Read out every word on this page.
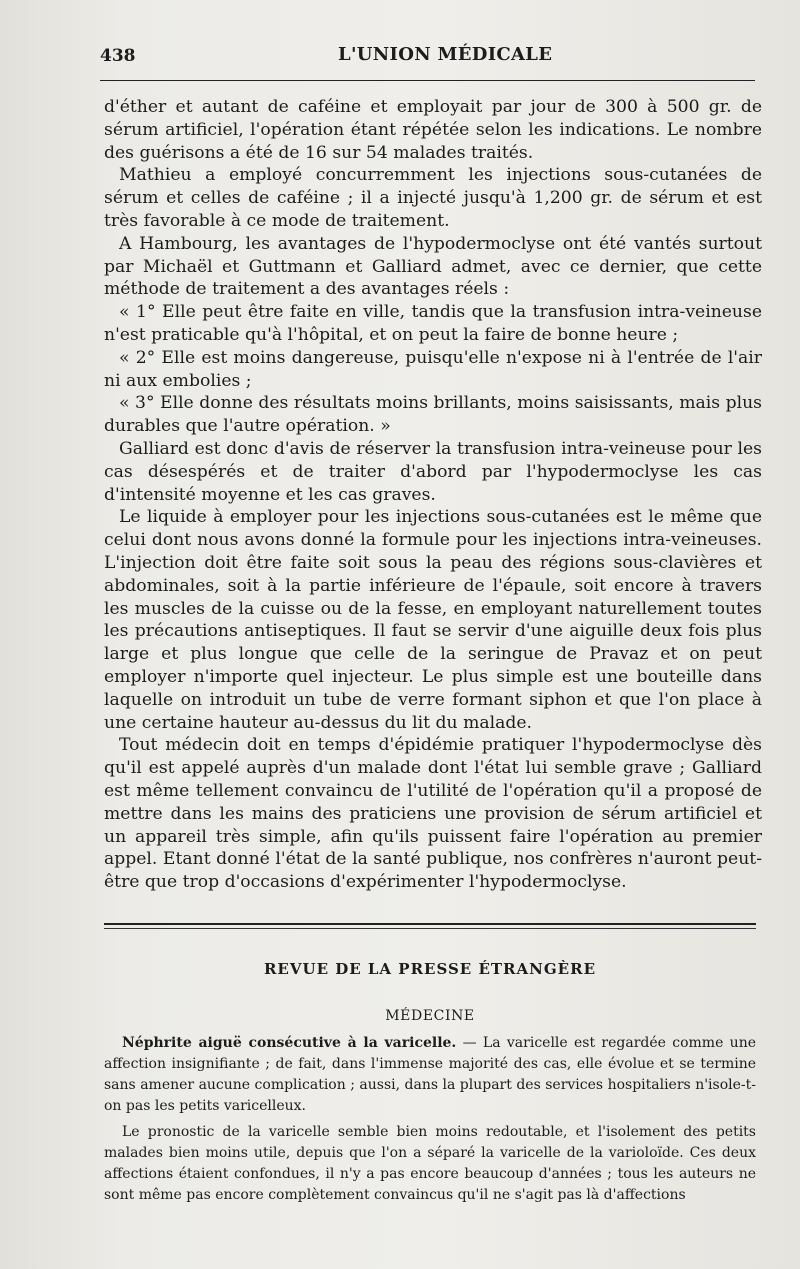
438	L'UNION MÉDICALE

d'éther et autant de caféine et employait par jour de 300 à 500 gr. de sérum artificiel, l'opération étant répétée selon les indications. Le nombre des guérisons a été de 16 sur 54 malades traités.

Mathieu a employé concurremment les injections sous-cutanées de sérum et celles de caféine ; il a injecté jusqu'à 1,200 gr. de sérum et est très favorable à ce mode de traitement.

A Hambourg, les avantages de l'hypodermoclyse ont été vantés surtout par Michaël et Guttmann et Galliard admet, avec ce dernier, que cette méthode de traitement a des avantages réels :

« 1° Elle peut être faite en ville, tandis que la transfusion intra-veineuse n'est praticable qu'à l'hôpital, et on peut la faire de bonne heure ;

« 2° Elle est moins dangereuse, puisqu'elle n'expose ni à l'entrée de l'air ni aux embolies ;

« 3° Elle donne des résultats moins brillants, moins saisissants, mais plus durables que l'autre opération. »

Galliard est donc d'avis de réserver la transfusion intra-veineuse pour les cas désespérés et de traiter d'abord par l'hypodermoclyse les cas d'intensité moyenne et les cas graves.

Le liquide à employer pour les injections sous-cutanées est le même que celui dont nous avons donné la formule pour les injections intra-veineuses. L'injection doit être faite soit sous la peau des régions sous-clavières et abdominales, soit à la partie inférieure de l'épaule, soit encore à travers les muscles de la cuisse ou de la fesse, en employant naturellement toutes les précautions antiseptiques. Il faut se servir d'une aiguille deux fois plus large et plus longue que celle de la seringue de Pravaz et on peut employer n'importe quel injecteur. Le plus simple est une bouteille dans laquelle on introduit un tube de verre formant siphon et que l'on place à une certaine hauteur au-dessus du lit du malade.

Tout médecin doit en temps d'épidémie pratiquer l'hypodermoclyse dès qu'il est appelé auprès d'un malade dont l'état lui semble grave ; Galliard est même tellement convaincu de l'utilité de l'opération qu'il a proposé de mettre dans les mains des praticiens une provision de sérum artificiel et un appareil très simple, afin qu'ils puissent faire l'opération au premier appel. Etant donné l'état de la santé publique, nos confrères n'auront peut-être que trop d'occasions d'expérimenter l'hypodermoclyse.

REVUE DE LA PRESSE ÉTRANGÈRE
MÉDECINE

Néphrite aiguë consécutive à la varicelle. — La varicelle est regardée comme une affection insignifiante ; de fait, dans l'immense majorité des cas, elle évolue et se termine sans amener aucune complication ; aussi, dans la plupart des services hospitaliers n'isole-t-on pas les petits varicelleux.

Le pronostic de la varicelle semble bien moins redoutable, et l'isolement des petits malades bien moins utile, depuis que l'on a séparé la varicelle de la varioloïde. Ces deux affections étaient confondues, il n'y a pas encore beaucoup d'années ; tous les auteurs ne sont même pas encore complètement convaincus qu'il ne s'agit pas là d'affections
